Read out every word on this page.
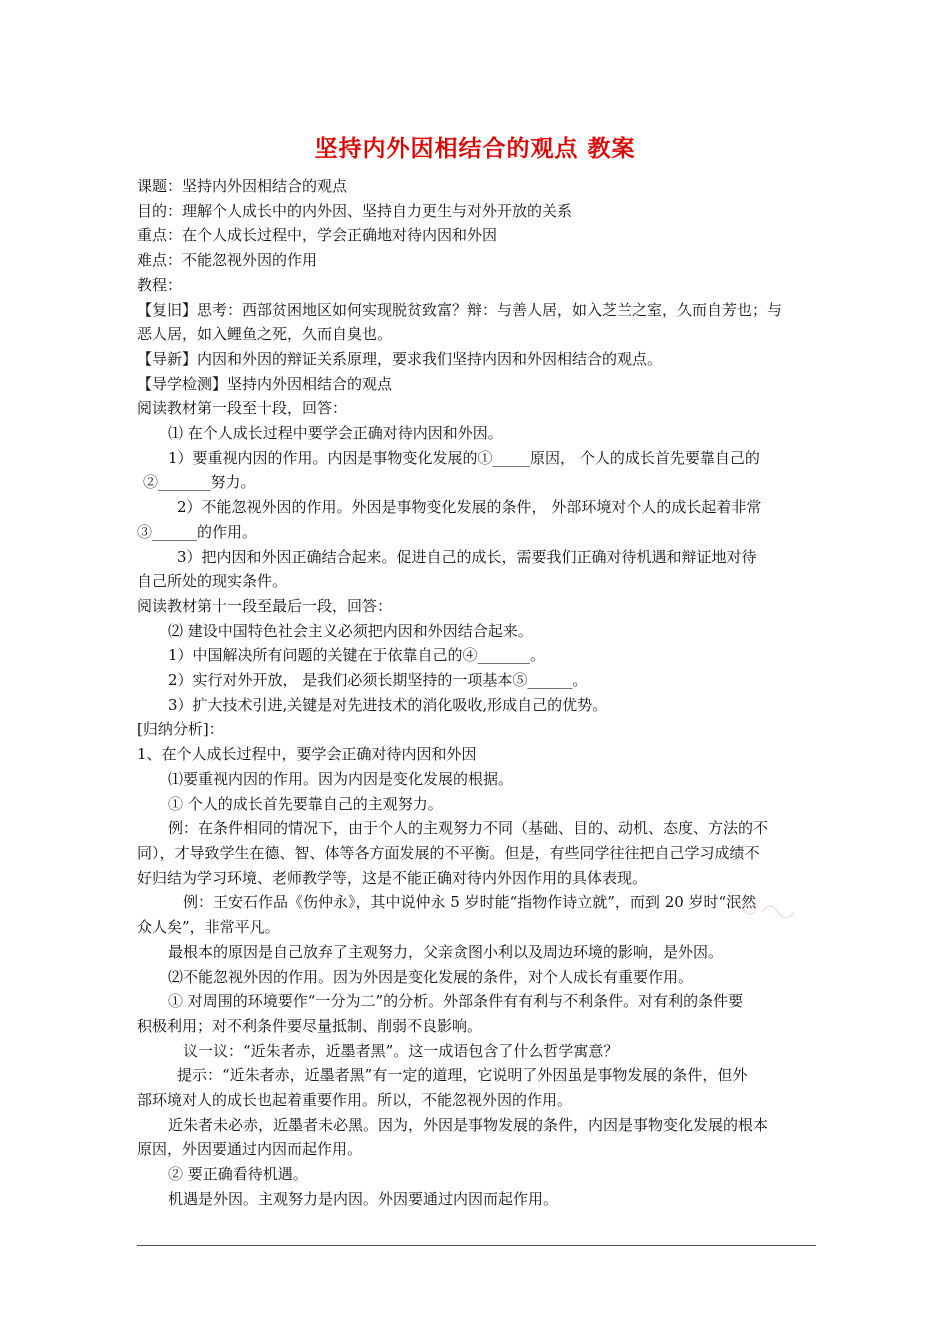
坚持内外因相结合的观点 教案

课题：坚持内外因相结合的观点

目的：理解个人成长中的内外因、坚持自力更生与对外开放的关系

重点：在个人成长过程中，学会正确地对待内因和外因

难点：不能忽视外因的作用

教程：

【复旧】思考：西部贫困地区如何实现脱贫致富？辩：与善人居，如入芝兰之室，久而自芳也；与

恶人居，如入鲤鱼之死，久而自臭也。

【导新】内因和外因的辩证关系原理，要求我们坚持内因和外因相结合的观点。

【导学检测】坚持内外因相结合的观点

阅读教材第一段至十段，回答：

⑴ 在个人成长过程中要学会正确对待内因和外因。

1）要重视内因的作用。内因是事物变化发展的①_____原因， 个人的成长首先要靠自己的

②_______努力。

2）不能忽视外因的作用。外因是事物变化发展的条件， 外部环境对个人的成长起着非常

③______的作用。

3）把内因和外因正确结合起来。促进自己的成长，需要我们正确对待机遇和辩证地对待

自己所处的现实条件。

阅读教材第十一段至最后一段，回答：

⑵ 建设中国特色社会主义必须把内因和外因结合起来。

1）中国解决所有问题的关键在于依靠自己的④_______。

2）实行对外开放， 是我们必须长期坚持的一项基本⑤______。

3）扩大技术引进,关键是对先进技术的消化吸收,形成自己的优势。

[归纳分析]：

1、在个人成长过程中，要学会正确对待内因和外因

⑴要重视内因的作用。因为内因是变化发展的根据。

① 个人的成长首先要靠自己的主观努力。

例：在条件相同的情况下，由于个人的主观努力不同（基础、目的、动机、态度、方法的不

同），才导致学生在德、智、体等各方面发展的不平衡。但是，有些同学往往把自己学习成绩不

好归结为学习环境、老师教学等，这是不能正确对待内外因作用的具体表现。

例：王安石作品《伤仲永》，其中说仲永 5 岁时能“指物作诗立就”，而到 20 岁时“泯然

众人矣”，非常平凡。

最根本的原因是自己放弃了主观努力，父亲贪图小利以及周边环境的影响，是外因。

⑵不能忽视外因的作用。因为外因是变化发展的条件，对个人成长有重要作用。

① 对周围的环境要作“一分为二”的分析。外部条件有有利与不利条件。对有利的条件要

积极利用；对不利条件要尽量抵制、削弱不良影响。

议一议：“近朱者赤，近墨者黑”。这一成语包含了什么哲学寓意？

提示：“近朱者赤，近墨者黑”有一定的道理，它说明了外因虽是事物发展的条件，但外

部环境对人的成长也起着重要作用。所以，不能忽视外因的作用。

近朱者未必赤，近墨者未必黑。因为，外因是事物发展的条件，内因是事物变化发展的根本

原因，外因要通过内因而起作用。

② 要正确看待机遇。

机遇是外因。主观努力是内因。外因要通过内因而起作用。
